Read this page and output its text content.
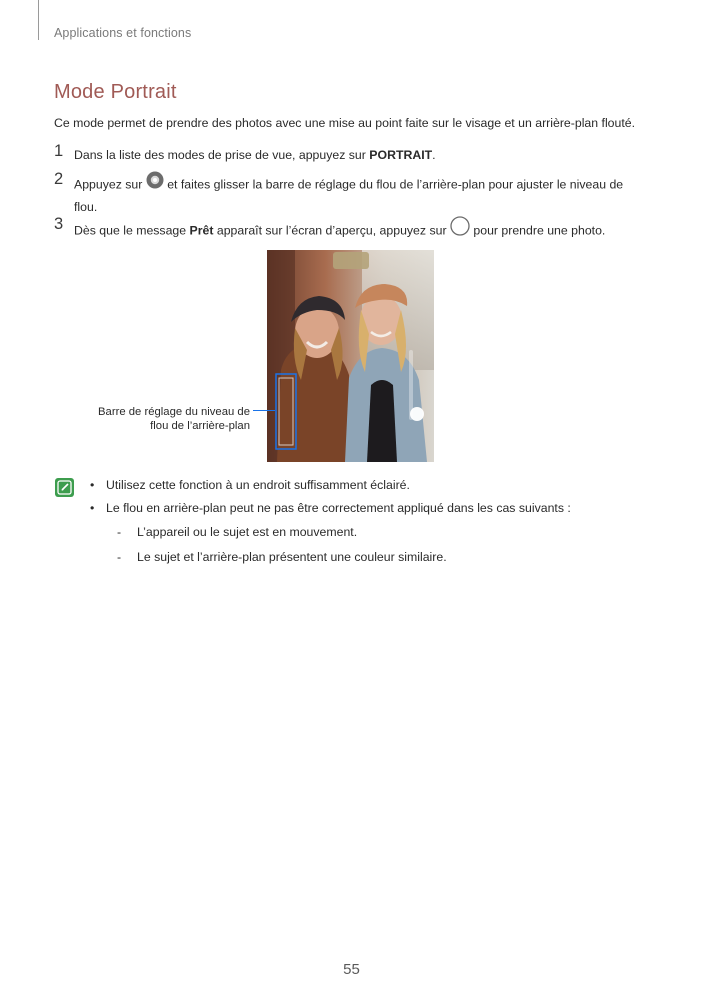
Applications et fonctions
Mode Portrait
Ce mode permet de prendre des photos avec une mise au point faite sur le visage et un arrière-plan flouté.
1 Dans la liste des modes de prise de vue, appuyez sur PORTRAIT.
2 Appuyez sur  et faites glisser la barre de réglage du flou de l’arrière-plan pour ajuster le niveau de flou.
3 Dès que le message Prêt apparaît sur l’écran d’aperçu, appuyez sur  pour prendre une photo.
Barre de réglage du niveau de
flou de l’arrière-plan
• Utilisez cette fonction à un endroit suffisamment éclairé.
• Le flou en arrière-plan peut ne pas être correctement appliqué dans les cas suivants :
- L’appareil ou le sujet est en mouvement.
- Le sujet et l’arrière-plan présentent une couleur similaire.
55
